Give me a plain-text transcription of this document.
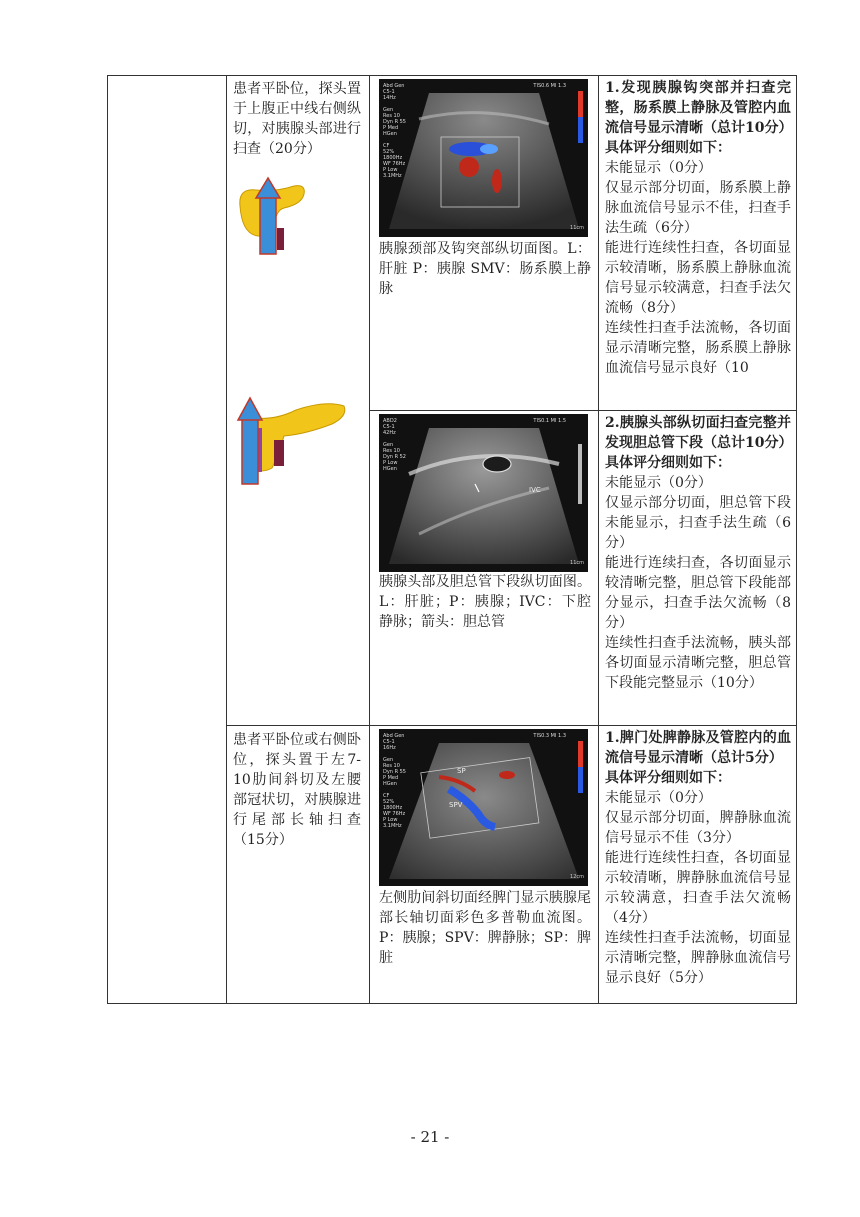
患者平卧位，探头置于上腹正中线右侧纵切，对胰腺头部进行扫查（20分）

患者平卧位或右侧卧位，探头置于左7-10肋间斜切及左腰部冠状切，对胰腺进行尾部长轴扫查（15分）

Abd Gen
C5-1
14Hz

Gen
Res 10
Dyn R 55
P Med
HGen

CF
52%
1800Hz
WF 76Hz
P Low
3.1MHz
TIS0.6 MI 1.3
11cm
胰腺颈部及钩突部纵切面图。L：肝脏 P：胰腺 SMV：肠系膜上静脉
ABD2
C5-1
42Hz

Gen
Res 10
Dyn R 52
P Low
HGen
TIS0.1 MI 1.5
11cm
IVC
胰腺头部及胆总管下段纵切面图。L：肝脏；P：胰腺；IVC：下腔静脉；箭头：胆总管
Abd Gen
C5-1
16Hz

Gen
Res 10
Dyn R 55
P Med
HGen

CF
52%
1800Hz
WF 76Hz
P Low
3.1MHz
TIS0.3 MI 1.3
12cm
SP
SPV
左侧肋间斜切面经脾门显示胰腺尾部长轴切面彩色多普勒血流图。P：胰腺；SPV：脾静脉；SP：脾脏

1.发现胰腺钩突部并扫查完整，肠系膜上静脉及管腔内血流信号显示清晰（总计10分）

具体评分细则如下：

未能显示（0分）

仅显示部分切面，肠系膜上静脉血流信号显示不佳，扫查手法生疏（6分）

能进行连续性扫查，各切面显示较清晰，肠系膜上静脉血流信号显示较满意，扫查手法欠流畅（8分）

连续性扫查手法流畅，各切面显示清晰完整，肠系膜上静脉血流信号显示良好（10

2.胰腺头部纵切面扫查完整并发现胆总管下段（总计10分）

具体评分细则如下：

未能显示（0分）

仅显示部分切面，胆总管下段未能显示，扫查手法生疏（6分）

能进行连续扫查，各切面显示较清晰完整，胆总管下段能部分显示，扫查手法欠流畅（8分）

连续性扫查手法流畅，胰头部各切面显示清晰完整，胆总管下段能完整显示（10分）

1.脾门处脾静脉及管腔内的血流信号显示清晰（总计5分）

具体评分细则如下：

未能显示（0分）

仅显示部分切面，脾静脉血流信号显示不佳（3分）

能进行连续性扫查，各切面显示较清晰，脾静脉血流信号显示较满意，扫查手法欠流畅（4分）

连续性扫查手法流畅，切面显示清晰完整，脾静脉血流信号显示良好（5分）

- 21 -
